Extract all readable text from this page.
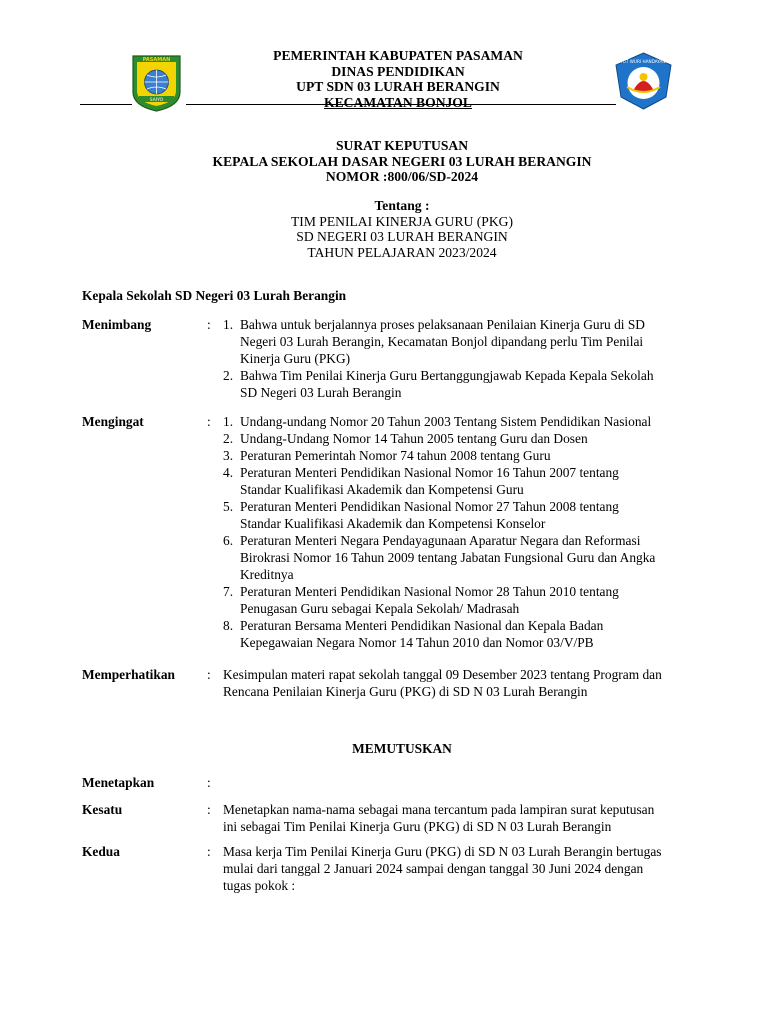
SAIYO
PASAMAN	TUT WURI HANDAYANI
PEMERINTAH KABUPATEN PASAMAN
DINAS PENDIDIKAN
UPT SDN 03 LURAH BERANGIN
KECAMATAN BONJOL
SURAT KEPUTUSAN
KEPALA SEKOLAH DASAR NEGERI 03 LURAH BERANGIN
NOMOR :800/06/SD-2024
Tentang :
TIM PENILAI KINERJA GURU (PKG)
SD NEGERI 03 LURAH BERANGIN
TAHUN PELAJARAN 2023/2024
Kepala Sekolah SD Negeri 03 Lurah Berangin
Menimbang	: 1. Bahwa untuk berjalannya proses pelaksanaan Penilaian Kinerja Guru di SD
Negeri 03 Lurah Berangin, Kecamatan Bonjol dipandang perlu Tim Penilai
Kinerja Guru (PKG)
2. Bahwa Tim Penilai Kinerja Guru Bertanggungjawab Kepada Kepala Sekolah
SD Negeri 03 Lurah Berangin
Mengingat	: 1. Undang-undang Nomor 20 Tahun 2003 Tentang Sistem Pendidikan Nasional
2. Undang-Undang Nomor 14 Tahun 2005 tentang Guru dan Dosen
3. Peraturan Pemerintah Nomor 74 tahun 2008 tentang Guru
4. Peraturan Menteri Pendidikan Nasional Nomor 16 Tahun 2007 tentang
Standar Kualifikasi Akademik dan Kompetensi Guru
5. Peraturan Menteri Pendidikan Nasional Nomor 27 Tahun 2008 tentang
Standar Kualifikasi Akademik dan Kompetensi Konselor
6. Peraturan Menteri Negara Pendayagunaan Aparatur Negara dan Reformasi
Birokrasi Nomor 16 Tahun 2009 tentang Jabatan Fungsional Guru dan Angka
Kreditnya
7. Peraturan Menteri Pendidikan Nasional Nomor 28 Tahun 2010 tentang
Penugasan Guru sebagai Kepala Sekolah/ Madrasah
8. Peraturan Bersama Menteri Pendidikan Nasional dan Kepala Badan
Kepegawaian Negara Nomor 14 Tahun 2010 dan Nomor 03/V/PB
Memperhatikan : Kesimpulan materi rapat sekolah tanggal 09 Desember 2023 tentang Program dan
Rencana Penilaian Kinerja Guru (PKG) di SD N 03 Lurah Berangin
MEMUTUSKAN
Menetapkan	:
Kesatu	: Menetapkan nama-nama sebagai mana tercantum pada lampiran surat keputusan
ini sebagai Tim Penilai Kinerja Guru (PKG) di SD N 03 Lurah Berangin
Kedua	: Masa kerja Tim Penilai Kinerja Guru (PKG) di SD N 03 Lurah Berangin bertugas
mulai dari tanggal 2 Januari 2024 sampai dengan tanggal 30 Juni 2024 dengan
tugas pokok :
